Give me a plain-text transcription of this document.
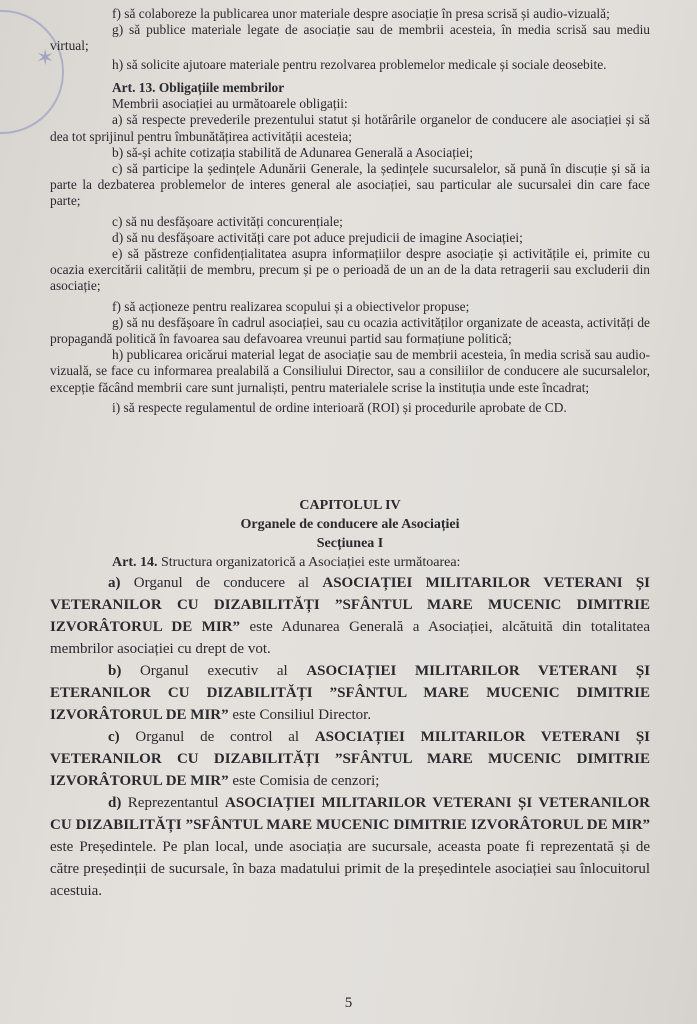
✶

f) să colaboreze la publicarea unor materiale despre asociație în presa scrisă și audio-vizuală;

g) să publice materiale legate de asociație sau de membrii acesteia, în media scrisă sau mediu virtual;

h) să solicite ajutoare materiale pentru rezolvarea problemelor medicale și sociale deosebite.

Art. 13. Obligațiile membrilor

Membrii asociației au următoarele obligații:

a) să respecte prevederile prezentului statut și hotărârile organelor de conducere ale asociației și să dea tot sprijinul pentru îmbunătățirea activității acesteia;

b) să-și achite cotizația stabilită de Adunarea Generală a Asociației;

c) să participe la ședințele Adunării Generale, la ședințele sucursalelor, să pună în discuție și să ia parte la dezbaterea problemelor de interes general ale asociației, sau particular ale sucursalei din care face parte;

c) să nu desfășoare activități concurențiale;

d) să nu desfășoare activități care pot aduce prejudicii de imagine Asociației;

e) să păstreze confidențialitatea asupra informațiilor despre asociație și activitățile ei, primite cu ocazia exercitării calității de membru, precum și pe o perioadă de un an de la data retragerii sau excluderii din asociație;

f) să acționeze pentru realizarea scopului și a obiectivelor propuse;

g) să nu desfășoare în cadrul asociației, sau cu ocazia activităților organizate de aceasta, activități de propagandă politică în favoarea sau defavoarea vreunui partid sau formațiune politică;

h) publicarea oricărui material legat de asociație sau de membrii acesteia, în media scrisă sau audio-vizuală, se face cu informarea prealabilă a Consiliului Director, sau a consiliilor de conducere ale sucursalelor, excepție făcând membrii care sunt jurnaliști, pentru materialele scrise la instituția unde este încadrat;

i) să respecte regulamentul de ordine interioară (ROI) și procedurile aprobate de CD.

CAPITOLUL IV

Organele de conducere ale Asociației

Secțiunea I

Art. 14. Structura organizatorică a Asociației este următoarea:

a) Organul de conducere al ASOCIAȚIEI MILITARILOR VETERANI ȘI VETERANILOR CU DIZABILITĂȚI ”SFÂNTUL MARE MUCENIC DIMITRIE IZVORÂTORUL DE MIR” este Adunarea Generală a Asociației, alcătuită din totalitatea membrilor asociației cu drept de vot.

b) Organul executiv al ASOCIAȚIEI MILITARILOR VETERANI ȘI ETERANILOR CU DIZABILITĂȚI ”SFÂNTUL MARE MUCENIC DIMITRIE IZVORÂTORUL DE MIR” este Consiliul Director.

c) Organul de control al ASOCIAȚIEI MILITARILOR VETERANI ȘI VETERANILOR CU DIZABILITĂȚI ”SFÂNTUL MARE MUCENIC DIMITRIE IZVORÂTORUL DE MIR” este Comisia de cenzori;

d) Reprezentantul ASOCIAȚIEI MILITARILOR VETERANI ȘI VETERANILOR CU DIZABILITĂȚI ”SFÂNTUL MARE MUCENIC DIMITRIE IZVORÂTORUL DE MIR” este Președintele. Pe plan local, unde asociația are sucursale, aceasta poate fi reprezentată și de către președinții de sucursale, în baza madatului primit de la președintele asociației sau înlocuitorul acestuia.

5
